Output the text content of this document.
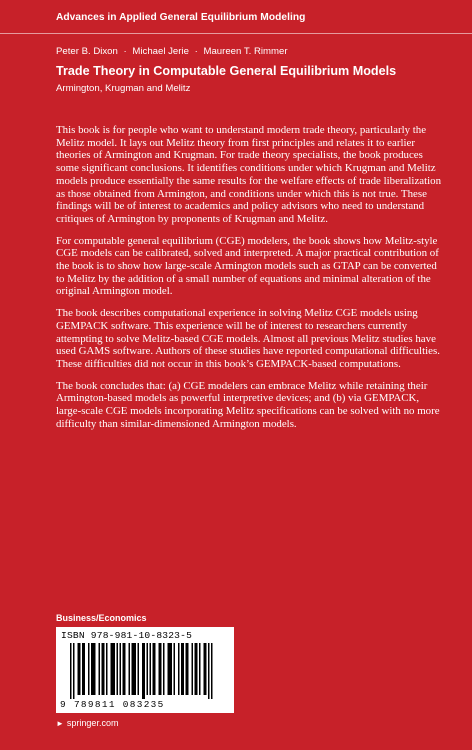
Advances in Applied General Equilibrium Modeling
Peter B. Dixon · Michael Jerie · Maureen T. Rimmer
Trade Theory in Computable General Equilibrium Models
Armington, Krugman and Melitz

This book is for people who want to understand modern trade theory, particularly the Melitz model. It lays out Melitz theory from first principles and relates it to earlier theories of Armington and Krugman. For trade theory specialists, the book produces some significant conclusions. It identifies conditions under which Krugman and Melitz models produce essentially the same results for the welfare effects of trade liberalization as those obtained from Armington, and conditions under which this is not true. These findings will be of interest to academics and policy advisors who need to understand critiques of Armington by proponents of Krugman and Melitz.

For computable general equilibrium (CGE) modelers, the book shows how Melitz-style CGE models can be calibrated, solved and interpreted. A major practical contribution of the book is to show how large-scale Armington models such as GTAP can be converted to Melitz by the addition of a small number of equations and minimal alteration of the original Armington model.

The book describes computational experience in solving Melitz CGE models using GEMPACK software. This experience will be of interest to researchers currently attempting to solve Melitz-based CGE models. Almost all previous Melitz studies have used GAMS software. Authors of these studies have reported computational difficulties. These difficulties did not occur in this book’s GEMPACK-based computations.

The book concludes that: (a) CGE modelers can embrace Melitz while retaining their Armington-based models as powerful interpretive devices; and (b) via GEMPACK, large-scale CGE models incorporating Melitz specifications can be solved with no more difficulty than similar-dimensioned Armington models.

Business/Economics
ISBN 978-981-10-8323-5
9 789811 083235
► springer.com
